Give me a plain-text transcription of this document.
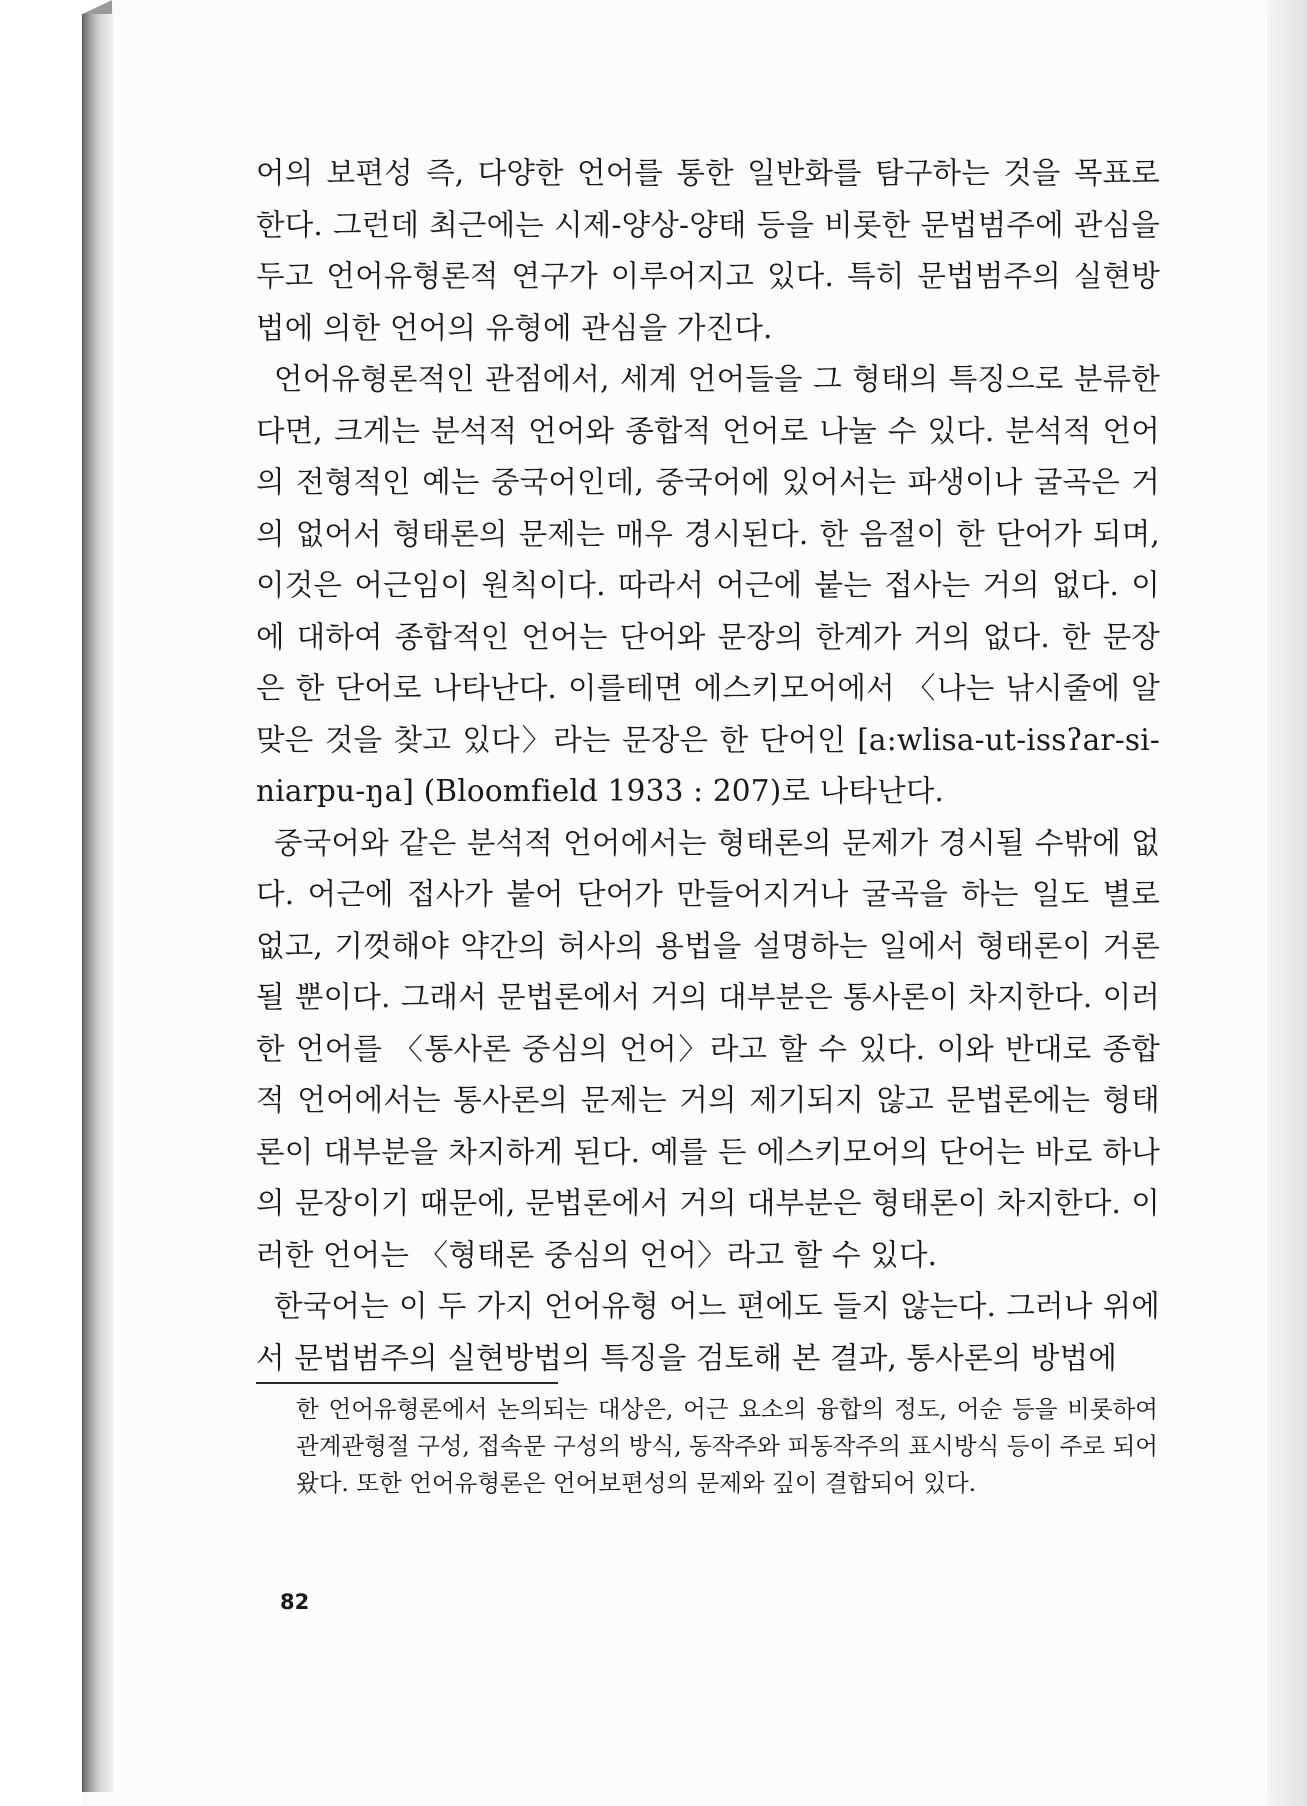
어의 보편성 즉, 다양한 언어를 통한 일반화를 탐구하는 것을 목표로 한다. 그런데 최근에는 시제-양상-양태 등을 비롯한 문법범주에 관심을 두고 언어유형론적 연구가 이루어지고 있다. 특히 문법범주의 실현방법에 의한 언어의 유형에 관심을 가진다.

언어유형론적인 관점에서, 세계 언어들을 그 형태의 특징으로 분류한다면, 크게는 분석적 언어와 종합적 언어로 나눌 수 있다. 분석적 언어의 전형적인 예는 중국어인데, 중국어에 있어서는 파생이나 굴곡은 거의 없어서 형태론의 문제는 매우 경시된다. 한 음절이 한 단어가 되며, 이것은 어근임이 원칙이다. 따라서 어근에 붙는 접사는 거의 없다. 이에 대하여 종합적인 언어는 단어와 문장의 한계가 거의 없다. 한 문장은 한 단어로 나타난다. 이를테면 에스키모어에서 〈나는 낚시줄에 알맞은 것을 찾고 있다〉라는 문장은 한 단어인 [a:wlisa-ut-issʔar-si-niarpu-ŋa] (Bloomfield 1933 : 207)로 나타난다.

중국어와 같은 분석적 언어에서는 형태론의 문제가 경시될 수밖에 없다. 어근에 접사가 붙어 단어가 만들어지거나 굴곡을 하는 일도 별로 없고, 기껏해야 약간의 허사의 용법을 설명하는 일에서 형태론이 거론될 뿐이다. 그래서 문법론에서 거의 대부분은 통사론이 차지한다. 이러한 언어를 〈통사론 중심의 언어〉라고 할 수 있다. 이와 반대로 종합적 언어에서는 통사론의 문제는 거의 제기되지 않고 문법론에는 형태론이 대부분을 차지하게 된다. 예를 든 에스키모어의 단어는 바로 하나의 문장이기 때문에, 문법론에서 거의 대부분은 형태론이 차지한다. 이러한 언어는 〈형태론 중심의 언어〉라고 할 수 있다.

한국어는 이 두 가지 언어유형 어느 편에도 들지 않는다. 그러나 위에서 문법범주의 실현방법의 특징을 검토해 본 결과, 통사론의 방법에

한 언어유형론에서 논의되는 대상은, 어근 요소의 융합의 정도, 어순 등을 비롯하여 관계관형절 구성, 접속문 구성의 방식, 동작주와 피동작주의 표시방식 등이 주로 되어 왔다. 또한 언어유형론은 언어보편성의 문제와 깊이 결합되어 있다.
82
